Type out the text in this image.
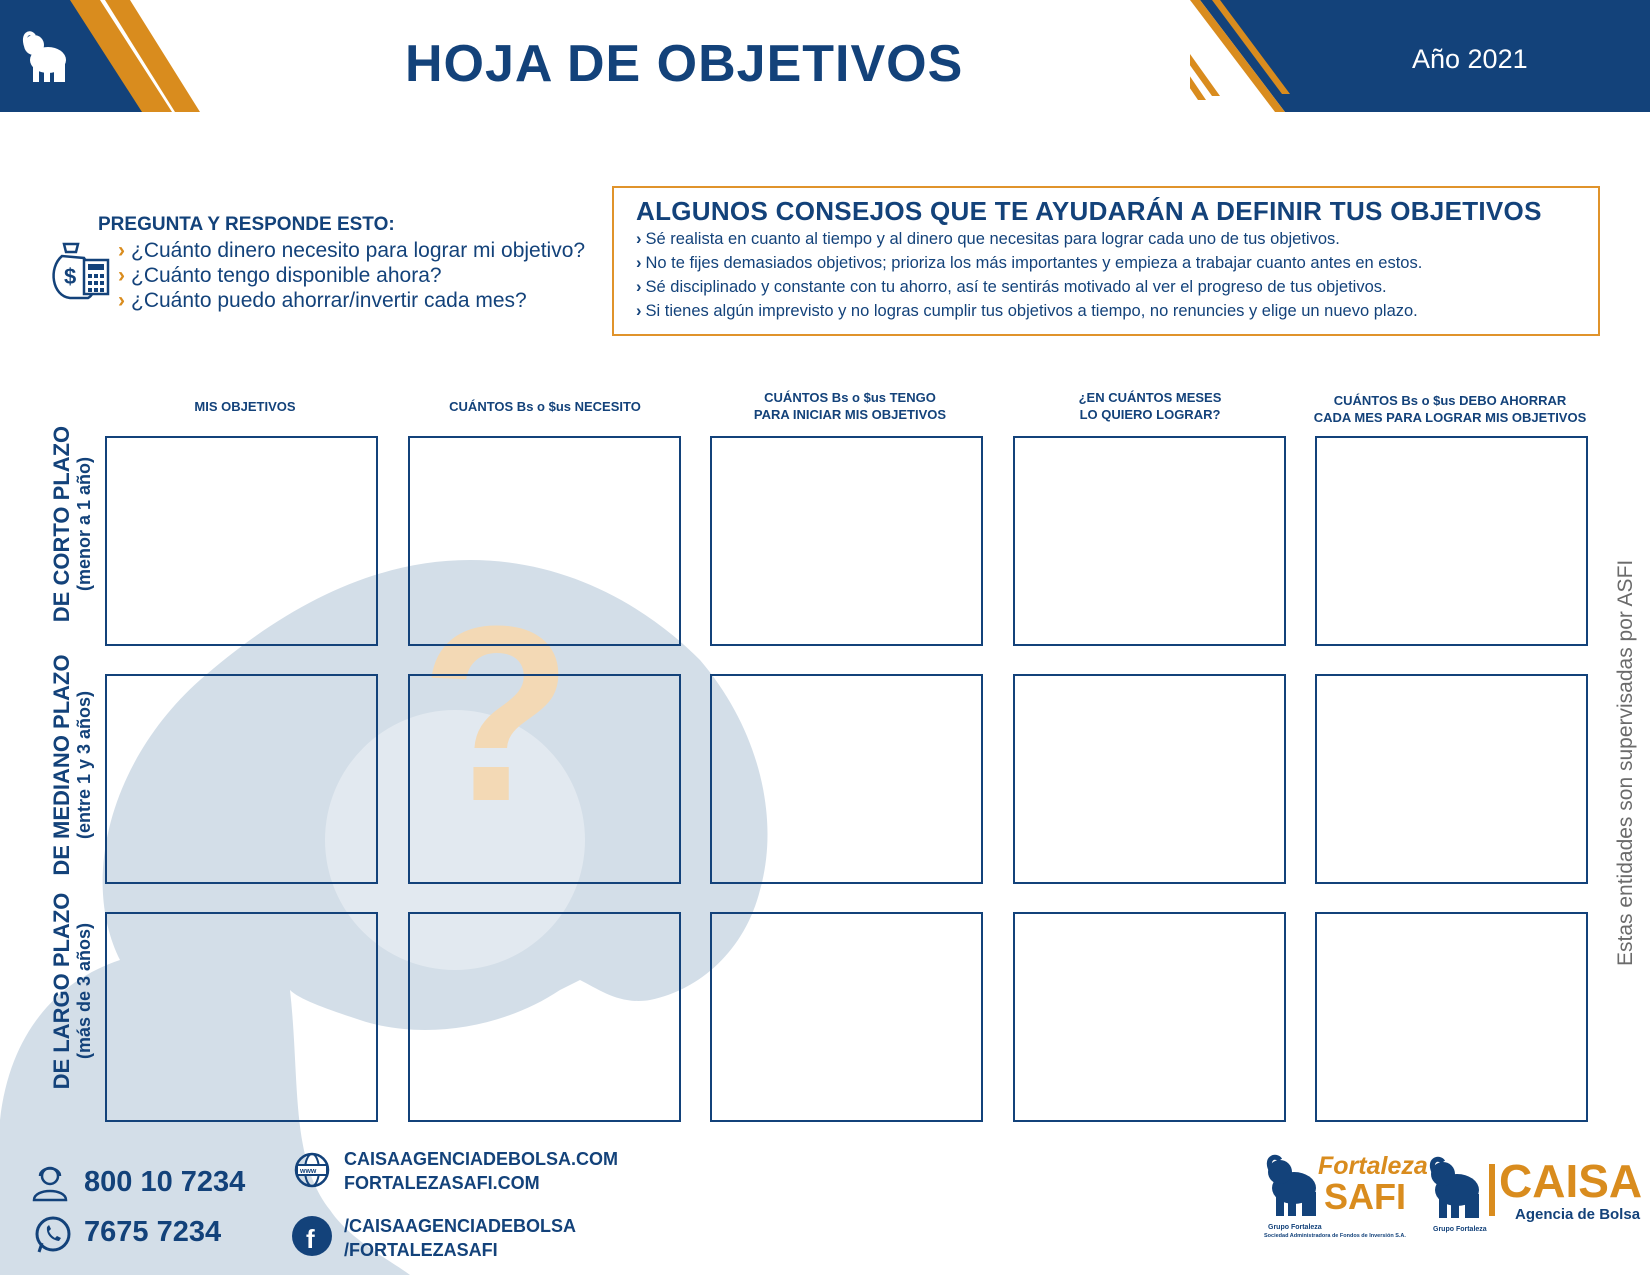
?
HOJA DE OBJETIVOS	Año 2021
PREGUNTA Y RESPONDE ESTO:
$
› ¿Cuánto dinero necesito para lograr mi objetivo?
› ¿Cuánto tengo disponible ahora?
› ¿Cuánto puedo ahorrar/invertir cada mes?
ALGUNOS CONSEJOS QUE TE AYUDARÁN A DEFINIR TUS OBJETIVOS
› Sé realista en cuanto al tiempo y al dinero que necesitas para lograr cada uno de tus objetivos.
› No te fijes demasiados objetivos; prioriza los más importantes y empieza a trabajar cuanto antes en estos.
› Sé disciplinado y constante con tu ahorro, así te sentirás motivado al ver el progreso de tus objetivos.
› Si tienes algún imprevisto y no logras cumplir tus objetivos a tiempo, no renuncies y elige un nuevo plazo.
MIS OBJETIVOS	CUÁNTOS Bs o $us NECESITO
CUÁNTOS Bs o $us TENGO
PARA INICIAR MIS OBJETIVOS
¿EN CUÁNTOS MESES
LO QUIERO LOGRAR?
CUÁNTOS Bs o $us DEBO AHORRAR
CADA MES PARA LOGRAR MIS OBJETIVOS
DE CORTO PLAZO (menor a 1 año)
DE MEDIANO PLAZO (entre 1 y 3 años)
DE LARGO PLAZO (más de 3 años)
Estas entidades son supervisadas por ASFI
800 10 7234
7675 7234
www
CAISAAGENCIADEBOLSA.COM
FORTALEZASAFI.COM
f /CAISAAGENCIADEBOLSA
/FORTALEZASAFI
Fortaleza
SAFI
Grupo Fortaleza
Sociedad Administradora de Fondos de Inversión S.A.
CAISA
Agencia de Bolsa
Grupo Fortaleza
